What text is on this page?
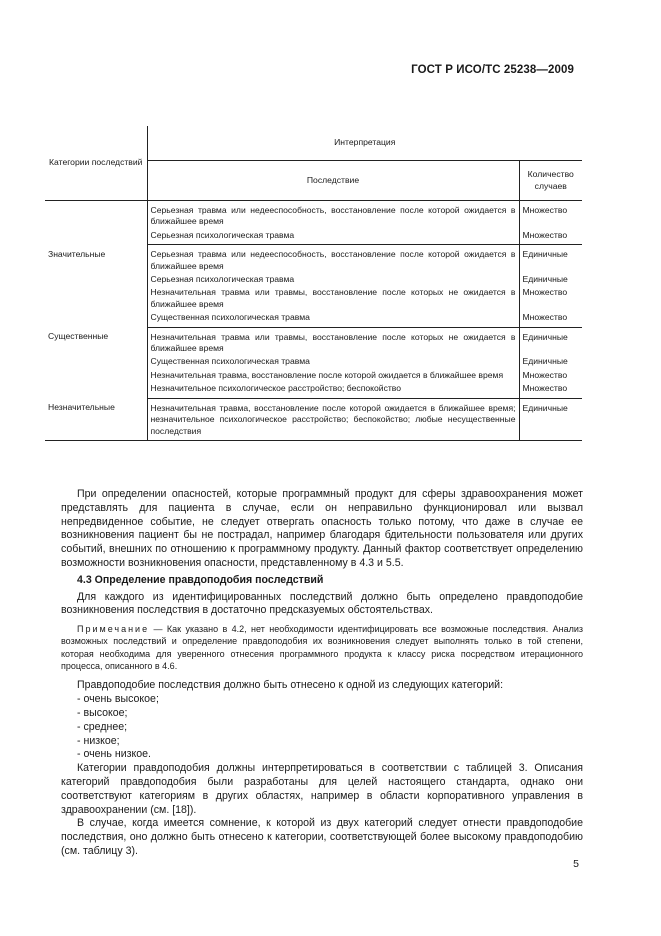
ГОСТ Р ИСО/ТС 25238—2009
Категории последствий	Интерпретация	
	Последствие	Количество случаев
	Серьезная травма или недееспособность, восстановление после которой ожидается в ближайшее время	Множество
	Серьезная психологическая травма	Множество
Значительные	Серьезная травма или недееспособность, восстановление после которой ожидается в ближайшее время	Единичные
	Серьезная психологическая травма	Единичные
	Незначительная травма или травмы, восстановление после которых не ожидается в ближайшее время	Множество
	Существенная психологическая травма	Множество
Существенные	Незначительная травма или травмы, восстановление после которых не ожидается в ближайшее время	Единичные
	Существенная психологическая травма	Единичные
	Незначительная травма, восстановление после которой ожидается в ближайшее время	Множество
	Незначительное психологическое расстройство; беспокойство	Множество
Незначительные	Незначительная травма, восстановление после которой ожидается в ближайшее время; незначительное психологическое расстройство; беспокойство; любые несущественные последствия	Единичные

При определении опасностей, которые программный продукт для сферы здравоохранения может представлять для пациента в случае, если он неправильно функционировал или вызвал непредвиденное событие, не следует отвергать опасность только потому, что даже в случае ее возникновения пациент бы не пострадал, например благодаря бдительности пользователя или других событий, внешних по отношению к программному продукту. Данный фактор соответствует определению возможности возникновения опасности, представленному в 4.3 и 5.5.

4.3 Определение правдоподобия последствий

Для каждого из идентифицированных последствий должно быть определено правдоподобие возникновения последствия в достаточно предсказуемых обстоятельствах.

Примечание — Как указано в 4.2, нет необходимости идентифицировать все возможные последствия. Анализ возможных последствий и определение правдоподобия их возникновения следует выполнять только в той степени, которая необходима для уверенного отнесения программного продукта к классу риска посредством итерационного процесса, описанного в 4.6.

Правдоподобие последствия должно быть отнесено к одной из следующих категорий:

- очень высокое;

- высокое;

- среднее;

- низкое;

- очень низкое.

Категории правдоподобия должны интерпретироваться в соответствии с таблицей 3. Описания категорий правдоподобия были разработаны для целей настоящего стандарта, однако они соответствуют категориям в других областях, например в области корпоративного управления в здравоохранении (см. [18]).

В случае, когда имеется сомнение, к которой из двух категорий следует отнести правдоподобие последствия, оно должно быть отнесено к категории, соответствующей более высокому правдоподобию (см. таблицу 3).

5
